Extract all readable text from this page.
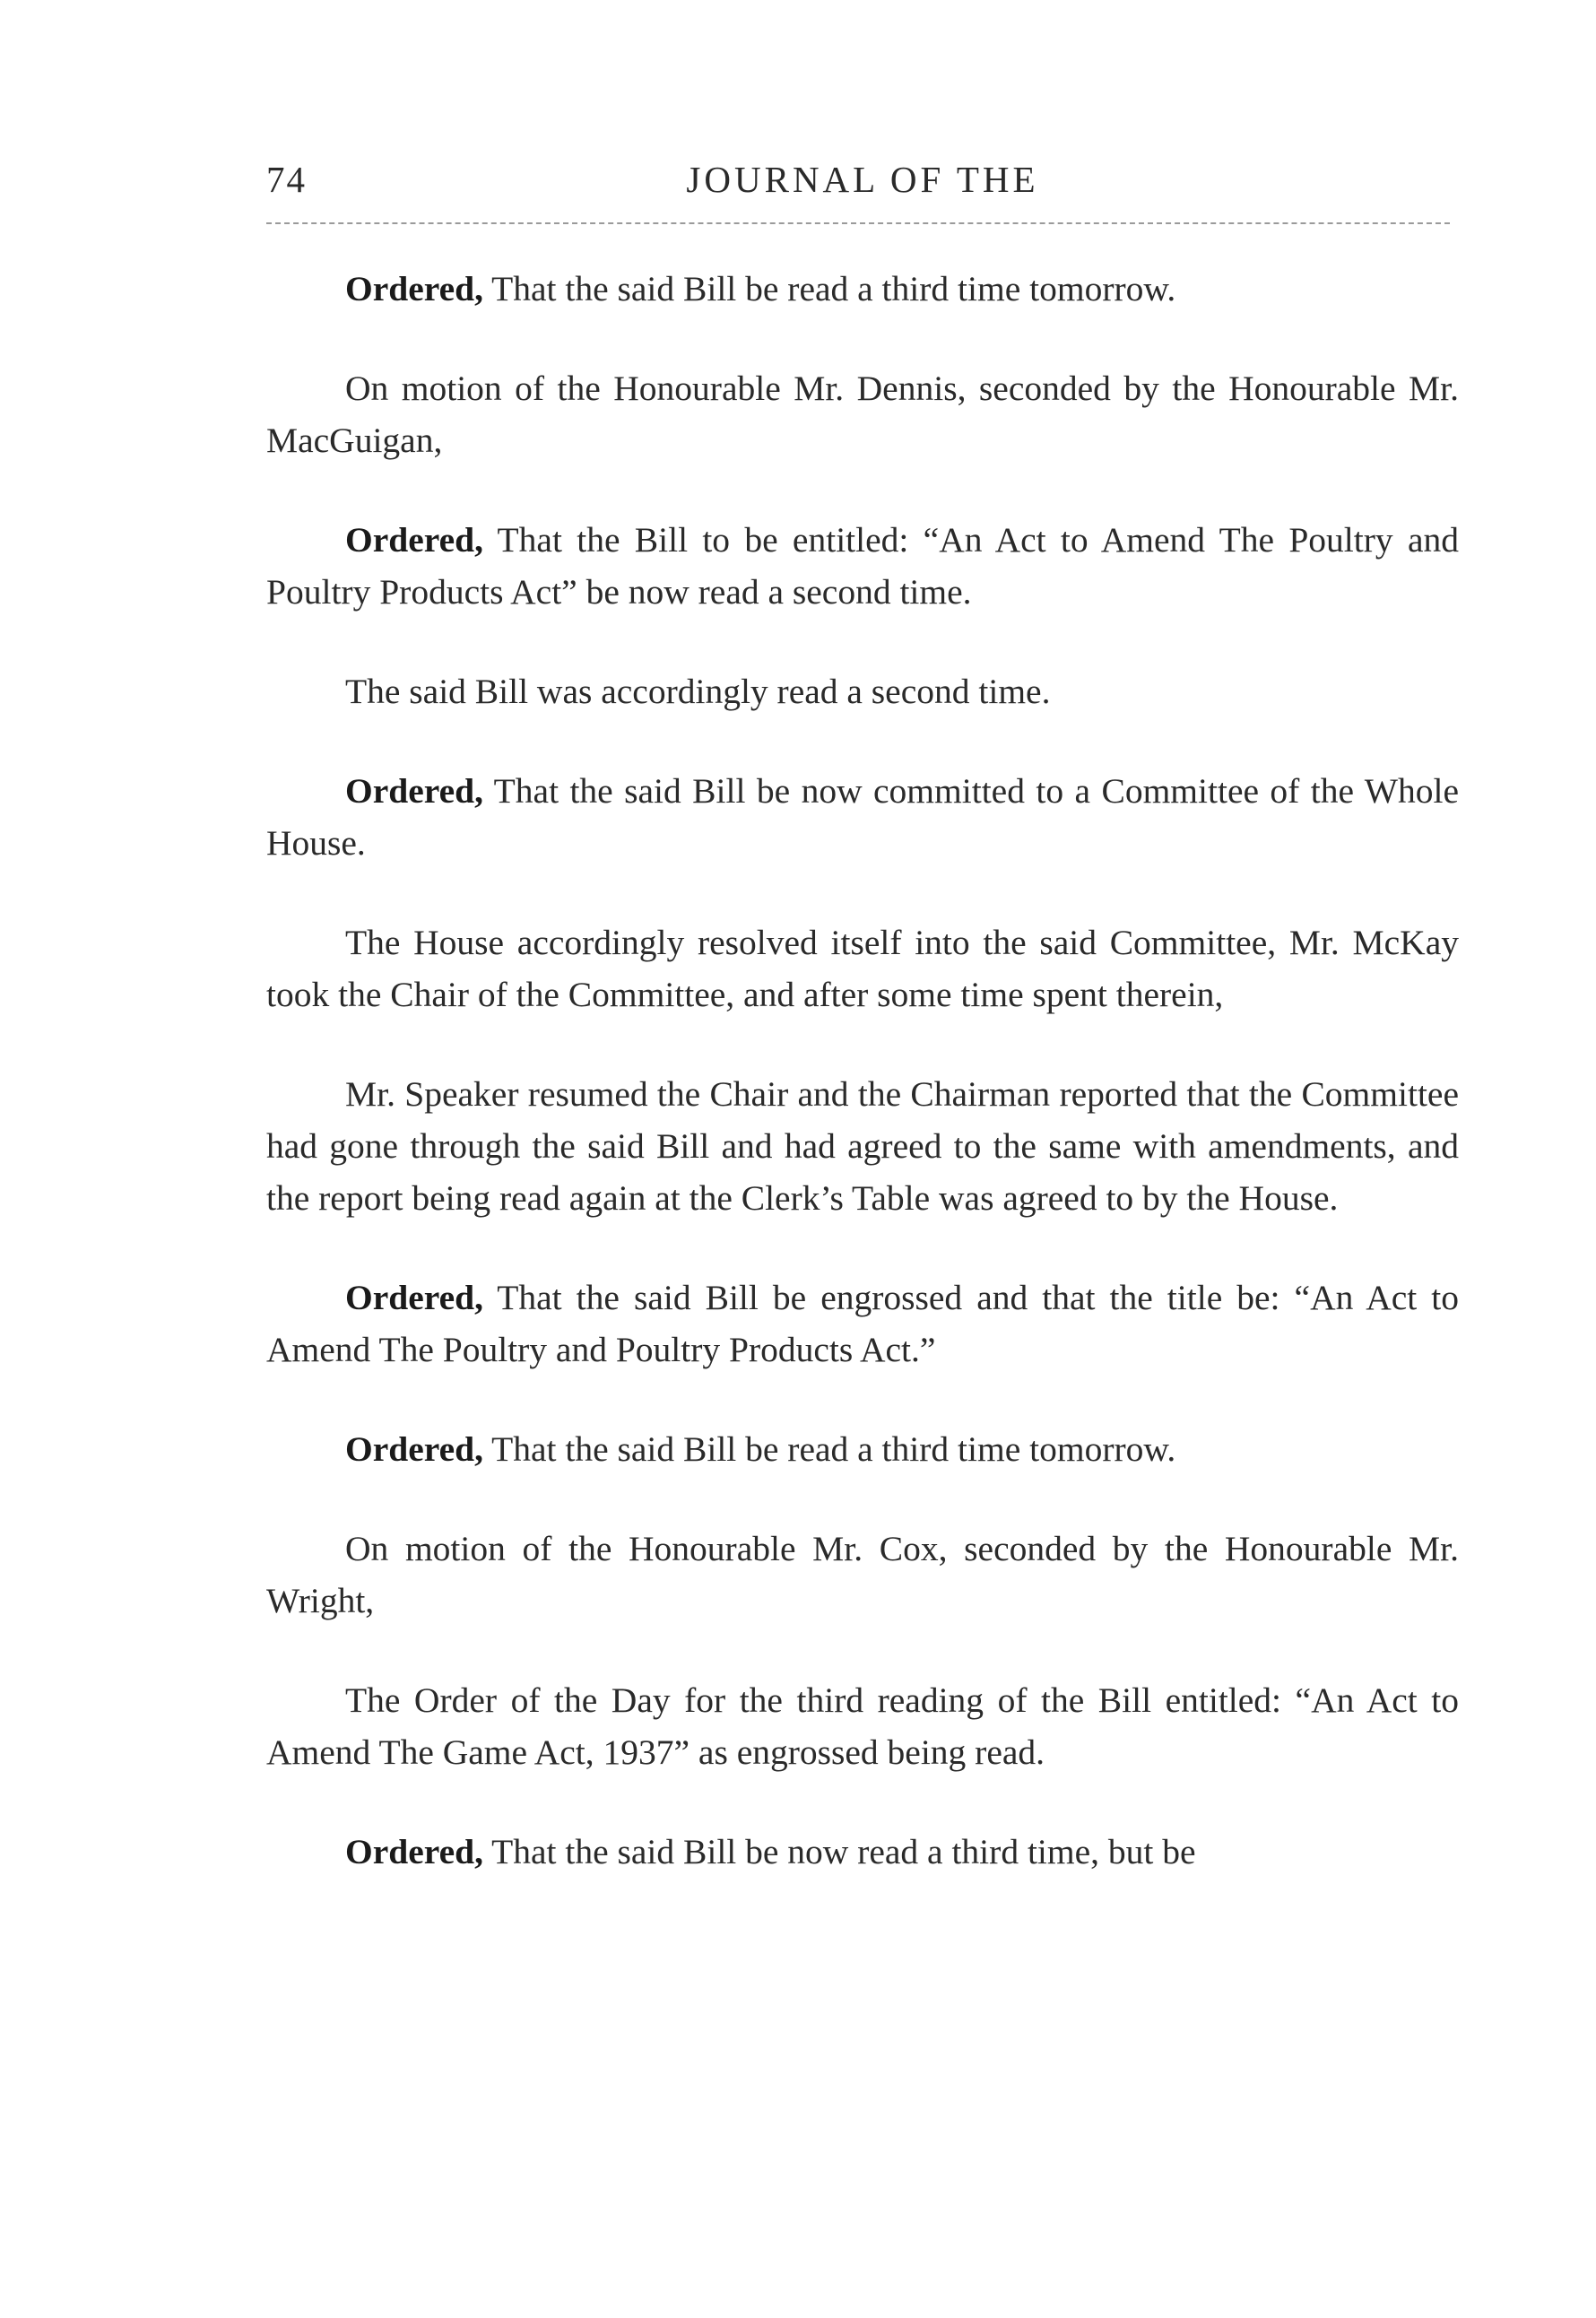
74	JOURNAL OF THE

Ordered, That the said Bill be read a third time tomorrow.

On motion of the Honourable Mr. Dennis, seconded by the Honourable Mr. MacGuigan,

Ordered, That the Bill to be entitled: “An Act to Amend The Poultry and Poultry Products Act” be now read a second time.

The said Bill was accordingly read a second time.

Ordered, That the said Bill be now committed to a Committee of the Whole House.

The House accordingly resolved itself into the said Committee, Mr. McKay took the Chair of the Committee, and after some time spent therein,

Mr. Speaker resumed the Chair and the Chairman reported that the Committee had gone through the said Bill and had agreed to the same with amendments, and the report being read again at the Clerk’s Table was agreed to by the House.

Ordered, That the said Bill be engrossed and that the title be: “An Act to Amend The Poultry and Poultry Products Act.”

Ordered, That the said Bill be read a third time tomorrow.

On motion of the Honourable Mr. Cox, seconded by the Honourable Mr. Wright,

The Order of the Day for the third reading of the Bill entitled: “An Act to Amend The Game Act, 1937” as engrossed being read.

Ordered, That the said Bill be now read a third time, but be
